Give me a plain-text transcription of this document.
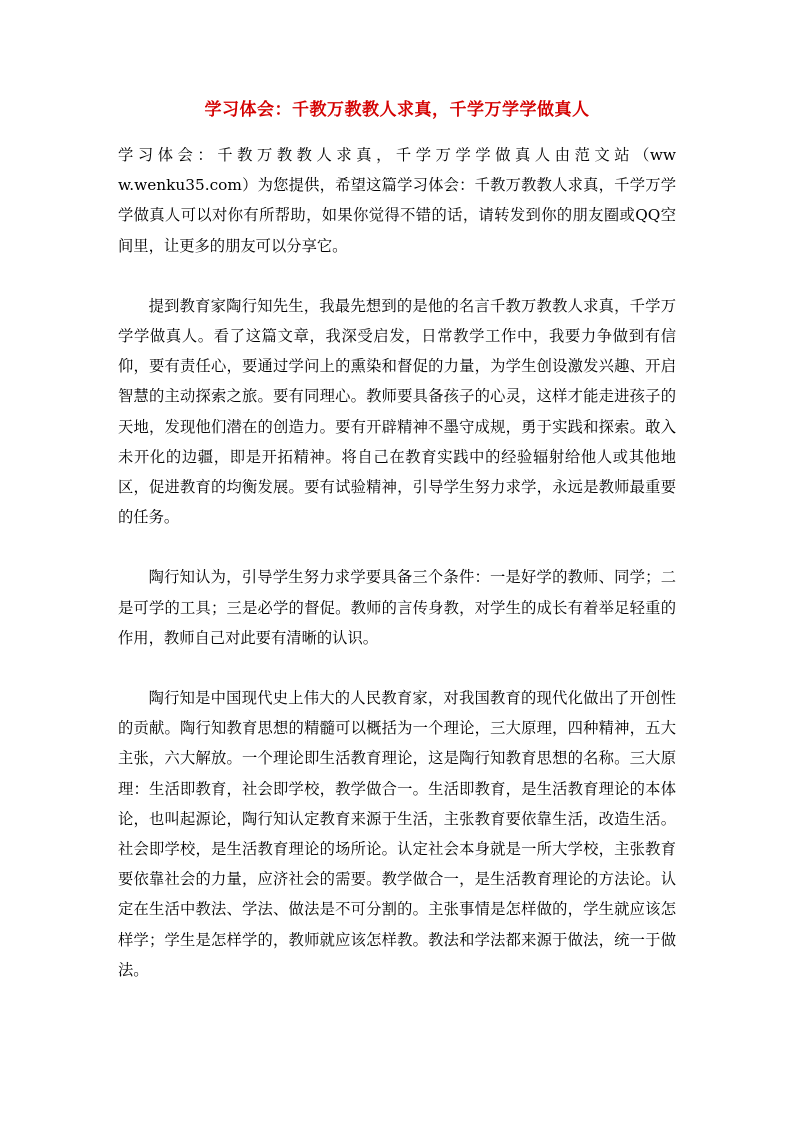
学习体会：千教万教教人求真，千学万学学做真人

学习体会：千教万教教人求真，千学万学学做真人由范文站（www.wenku35.com）为您提供，希望这篇学习体会：千教万教教人求真，千学万学学做真人可以对你有所帮助，如果你觉得不错的话，请转发到你的朋友圈或QQ空间里，让更多的朋友可以分享它。

提到教育家陶行知先生，我最先想到的是他的名言千教万教教人求真，千学万学学做真人。看了这篇文章，我深受启发，日常教学工作中，我要力争做到有信仰，要有责任心，要通过学问上的熏染和督促的力量，为学生创设激发兴趣、开启智慧的主动探索之旅。要有同理心。教师要具备孩子的心灵，这样才能走进孩子的天地，发现他们潜在的创造力。要有开辟精神不墨守成规，勇于实践和探索。敢入未开化的边疆，即是开拓精神。将自己在教育实践中的经验辐射给他人或其他地区，促进教育的均衡发展。要有试验精神，引导学生努力求学，永远是教师最重要的任务。

陶行知认为，引导学生努力求学要具备三个条件：一是好学的教师、同学；二是可学的工具；三是必学的督促。教师的言传身教，对学生的成长有着举足轻重的作用，教师自己对此要有清晰的认识。

陶行知是中国现代史上伟大的人民教育家，对我国教育的现代化做出了开创性的贡献。陶行知教育思想的精髓可以概括为一个理论，三大原理，四种精神，五大主张，六大解放。一个理论即生活教育理论，这是陶行知教育思想的名称。三大原理：生活即教育，社会即学校，教学做合一。生活即教育，是生活教育理论的本体论，也叫起源论，陶行知认定教育来源于生活，主张教育要依靠生活，改造生活。社会即学校，是生活教育理论的场所论。认定社会本身就是一所大学校，主张教育要依靠社会的力量，应济社会的需要。教学做合一，是生活教育理论的方法论。认定在生活中教法、学法、做法是不可分割的。主张事情是怎样做的，学生就应该怎样学；学生是怎样学的，教师就应该怎样教。教法和学法都来源于做法，统一于做法。
